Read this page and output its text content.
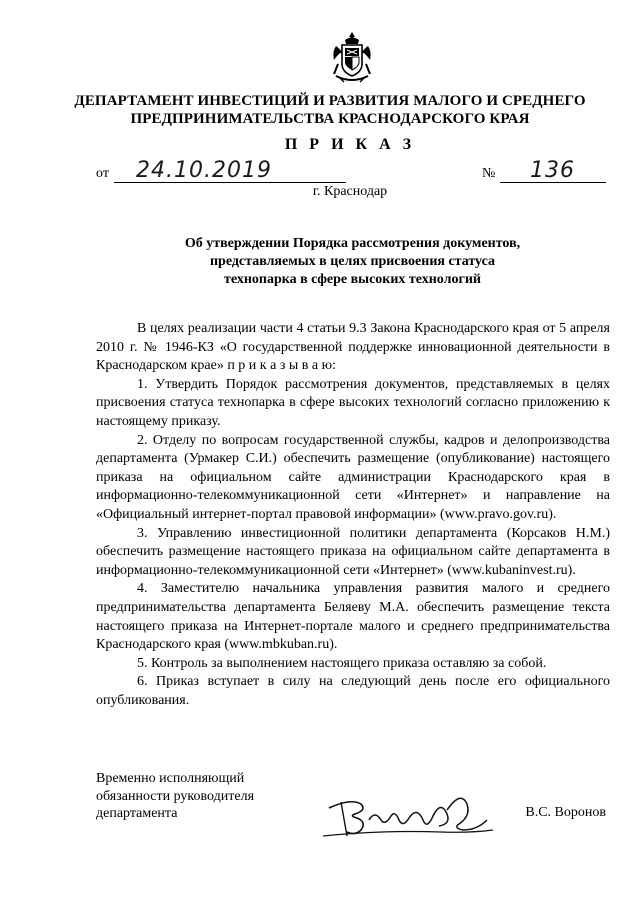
ДЕПАРТАМЕНТ ИНВЕСТИЦИЙ И РАЗВИТИЯ МАЛОГО И СРЕДНЕГО
ПРЕДПРИНИМАТЕЛЬСТВА КРАСНОДАРСКОГО КРАЯ
П Р И К А З
от 24.10.2019	№ 136
г. Краснодар
Об утверждении Порядка рассмотрения документов,
представляемых в целях присвоения статуса
технопарка в сфере высоких технологий

В целях реализации части 4 статьи 9.3 Закона Краснодарского края от 5 апреля 2010 г. № 1946-КЗ «О государственной поддержке инновационной деятельности в Краснодарском крае» п р и к а з ы в а ю:

1. Утвердить Порядок рассмотрения документов, представляемых в целях присвоения статуса технопарка в сфере высоких технологий согласно приложению к настоящему приказу.

2. Отделу по вопросам государственной службы, кадров и делопроизводства департамента (Урмакер С.И.) обеспечить размещение (опубликование) настоящего приказа на официальном сайте администрации Краснодарского края в информационно-телекоммуникационной сети «Интернет» и направление на «Официальный интернет-портал правовой информации» (www.pravo.gov.ru).

3. Управлению инвестиционной политики департамента (Корсаков Н.М.) обеспечить размещение настоящего приказа на официальном сайте департамента в информационно-телекоммуникационной сети «Интернет» (www.kubaninvest.ru).

4. Заместителю начальника управления развития малого и среднего предпринимательства департамента Беляеву М.А. обеспечить размещение текста настоящего приказа на Интернет-портале малого и среднего предпринимательства Краснодарского края (www.mbkuban.ru).

5. Контроль за выполнением настоящего приказа оставляю за собой.

6. Приказ вступает в силу на следующий день после его официального опубликования.

Временно исполняющий
обязанности руководителя
департамента	В.С. Воронов
